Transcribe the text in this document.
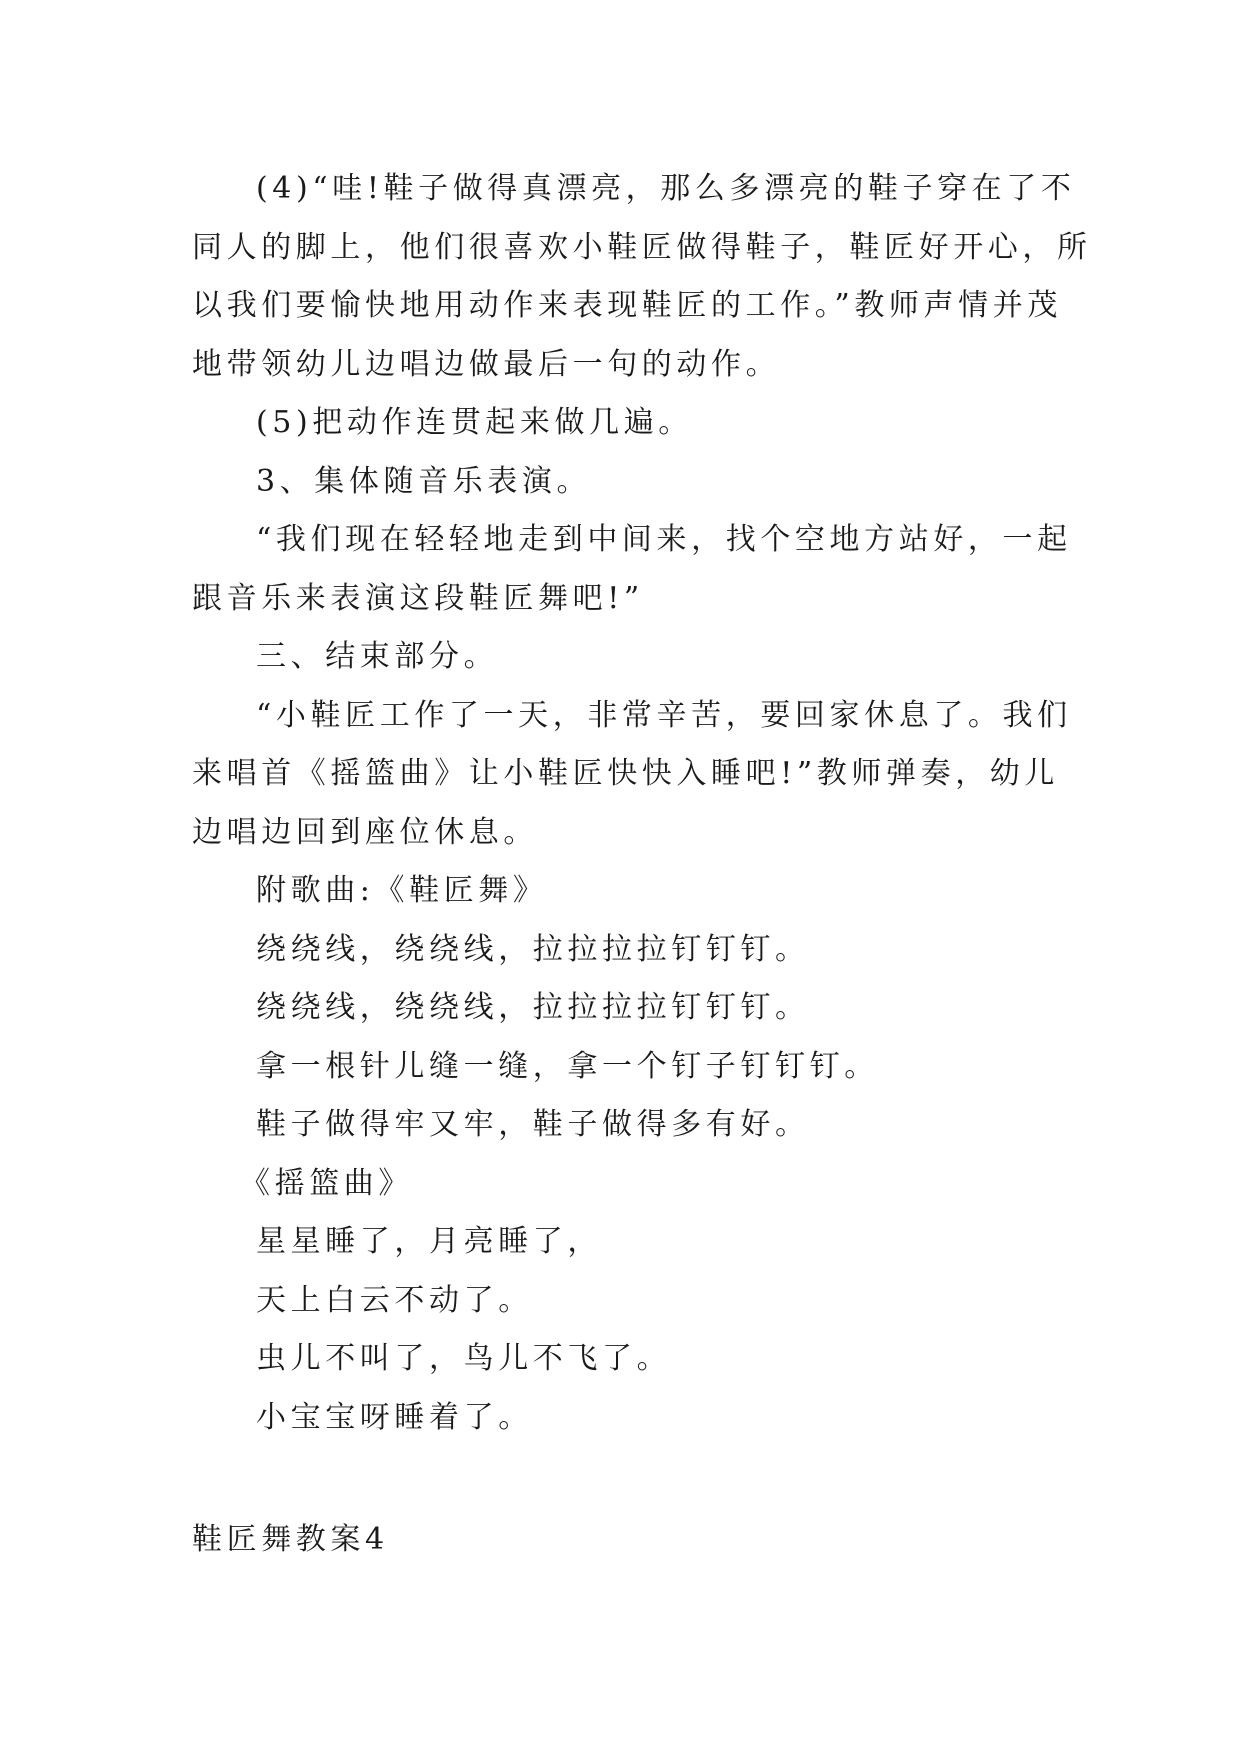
(4)“哇!鞋子做得真漂亮，那么多漂亮的鞋子穿在了不
同人的脚上，他们很喜欢小鞋匠做得鞋子，鞋匠好开心，所
以我们要愉快地用动作来表现鞋匠的工作。”教师声情并茂
地带领幼儿边唱边做最后一句的动作。
(5)把动作连贯起来做几遍。
3、集体随音乐表演。
“我们现在轻轻地走到中间来，找个空地方站好，一起
跟音乐来表演这段鞋匠舞吧!”
三、结束部分。
“小鞋匠工作了一天，非常辛苦，要回家休息了。我们
来唱首《摇篮曲》让小鞋匠快快入睡吧!”教师弹奏，幼儿
边唱边回到座位休息。
附歌曲:《鞋匠舞》
绕绕线，绕绕线，拉拉拉拉钉钉钉。
绕绕线，绕绕线，拉拉拉拉钉钉钉。
拿一根针儿缝一缝，拿一个钉子钉钉钉。
鞋子做得牢又牢，鞋子做得多有好。
《摇篮曲》
星星睡了，月亮睡了，
天上白云不动了。
虫儿不叫了，鸟儿不飞了。
小宝宝呀睡着了。
鞋匠舞教案4
